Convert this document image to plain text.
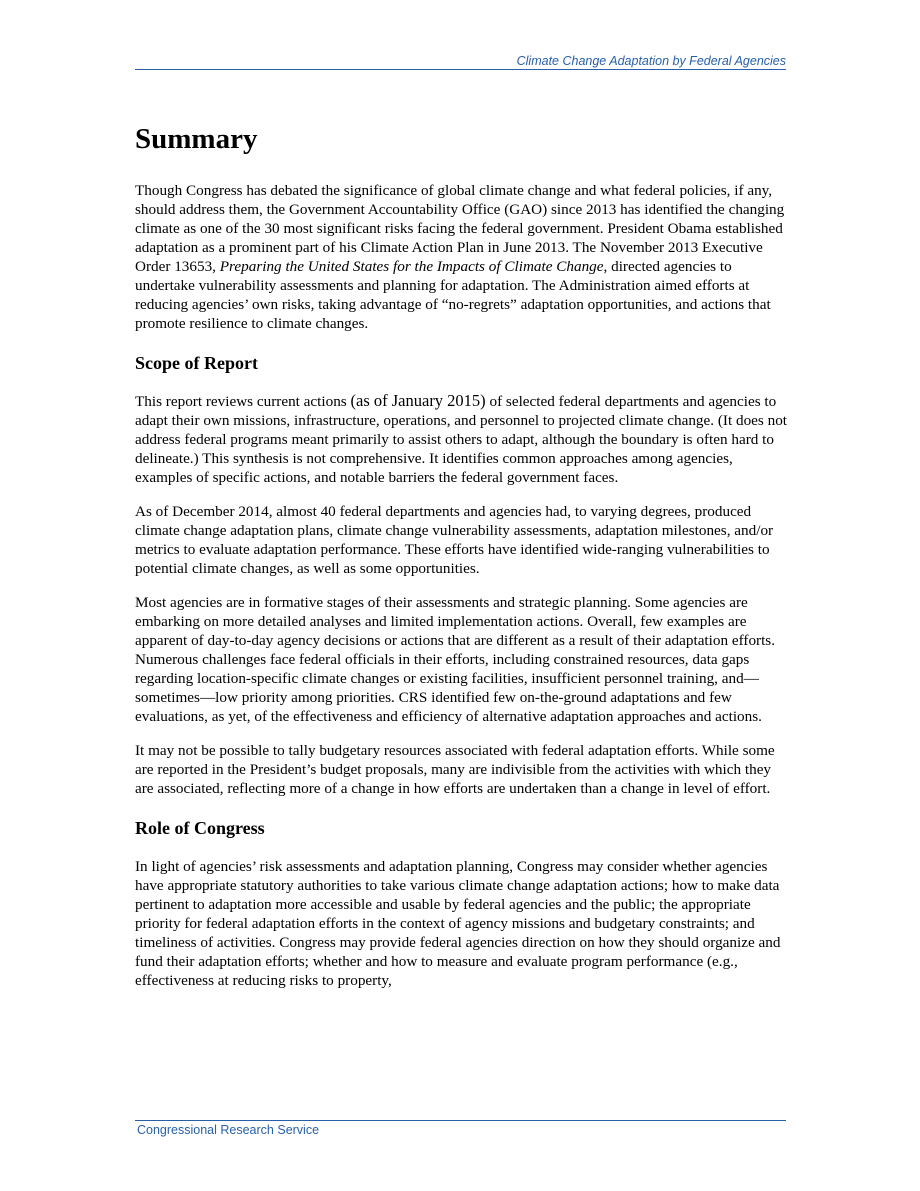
Climate Change Adaptation by Federal Agencies
Summary

Though Congress has debated the significance of global climate change and what federal policies, if any, should address them, the Government Accountability Office (GAO) since 2013 has identified the changing climate as one of the 30 most significant risks facing the federal government. President Obama established adaptation as a prominent part of his Climate Action Plan in June 2013. The November 2013 Executive Order 13653, Preparing the United States for the Impacts of Climate Change, directed agencies to undertake vulnerability assessments and planning for adaptation. The Administration aimed efforts at reducing agencies’ own risks, taking advantage of “no-regrets” adaptation opportunities, and actions that promote resilience to climate changes.

Scope of Report

This report reviews current actions (as of January 2015) of selected federal departments and agencies to adapt their own missions, infrastructure, operations, and personnel to projected climate change. (It does not address federal programs meant primarily to assist others to adapt, although the boundary is often hard to delineate.) This synthesis is not comprehensive. It identifies common approaches among agencies, examples of specific actions, and notable barriers the federal government faces.

As of December 2014, almost 40 federal departments and agencies had, to varying degrees, produced climate change adaptation plans, climate change vulnerability assessments, adaptation milestones, and/or metrics to evaluate adaptation performance. These efforts have identified wide-ranging vulnerabilities to potential climate changes, as well as some opportunities.

Most agencies are in formative stages of their assessments and strategic planning. Some agencies are embarking on more detailed analyses and limited implementation actions. Overall, few examples are apparent of day-to-day agency decisions or actions that are different as a result of their adaptation efforts. Numerous challenges face federal officials in their efforts, including constrained resources, data gaps regarding location-specific climate changes or existing facilities, insufficient personnel training, and—sometimes—low priority among priorities. CRS identified few on-the-ground adaptations and few evaluations, as yet, of the effectiveness and efficiency of alternative adaptation approaches and actions.

It may not be possible to tally budgetary resources associated with federal adaptation efforts. While some are reported in the President’s budget proposals, many are indivisible from the activities with which they are associated, reflecting more of a change in how efforts are undertaken than a change in level of effort.

Role of Congress

In light of agencies’ risk assessments and adaptation planning, Congress may consider whether agencies have appropriate statutory authorities to take various climate change adaptation actions; how to make data pertinent to adaptation more accessible and usable by federal agencies and the public; the appropriate priority for federal adaptation efforts in the context of agency missions and budgetary constraints; and timeliness of activities. Congress may provide federal agencies direction on how they should organize and fund their adaptation efforts; whether and how to measure and evaluate program performance (e.g., effectiveness at reducing risks to property,

Congressional Research Service
